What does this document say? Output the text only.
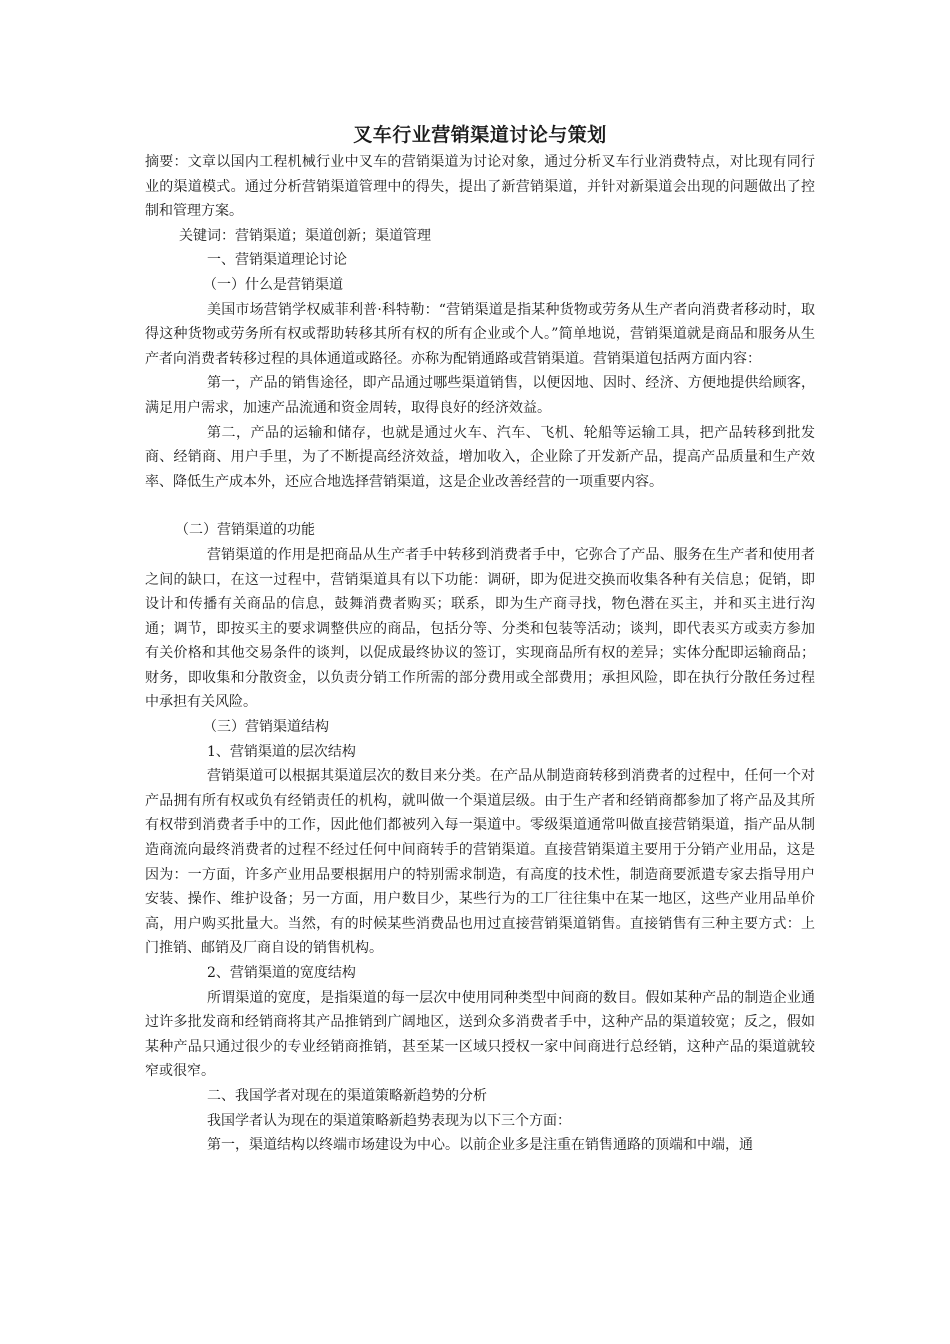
叉车行业营销渠道讨论与策划

摘要：文章以国内工程机械行业中叉车的营销渠道为讨论对象，通过分析叉车行业消费特点，对比现有同行业的渠道模式。通过分析营销渠道管理中的得失，提出了新营销渠道，并针对新渠道会出现的问题做出了控制和管理方案。

关键词：营销渠道；渠道创新；渠道管理

一、营销渠道理论讨论

（一）什么是营销渠道

美国市场营销学权威菲利普·科特勒：“营销渠道是指某种货物或劳务从生产者向消费者移动时，取得这种货物或劳务所有权或帮助转移其所有权的所有企业或个人。”简单地说，营销渠道就是商品和服务从生产者向消费者转移过程的具体通道或路径。亦称为配销通路或营销渠道。营销渠道包括两方面内容：

第一，产品的销售途径，即产品通过哪些渠道销售，以便因地、因时、经济、方便地提供给顾客，满足用户需求，加速产品流通和资金周转，取得良好的经济效益。

第二，产品的运输和储存，也就是通过火车、汽车、飞机、轮船等运输工具，把产品转移到批发商、经销商、用户手里，为了不断提高经济效益，增加收入，企业除了开发新产品，提高产品质量和生产效率、降低生产成本外，还应合地选择营销渠道，这是企业改善经营的一项重要内容。

（二）营销渠道的功能

营销渠道的作用是把商品从生产者手中转移到消费者手中，它弥合了产品、服务在生产者和使用者之间的缺口，在这一过程中，营销渠道具有以下功能：调研，即为促进交换而收集各种有关信息；促销，即设计和传播有关商品的信息，鼓舞消费者购买；联系，即为生产商寻找，物色潜在买主，并和买主进行沟通；调节，即按买主的要求调整供应的商品，包括分等、分类和包装等活动；谈判，即代表买方或卖方参加有关价格和其他交易条件的谈判，以促成最终协议的签订，实现商品所有权的差异；实体分配即运输商品；财务，即收集和分散资金，以负责分销工作所需的部分费用或全部费用；承担风险，即在执行分散任务过程中承担有关风险。

（三）营销渠道结构

1、营销渠道的层次结构

营销渠道可以根据其渠道层次的数目来分类。在产品从制造商转移到消费者的过程中，任何一个对产品拥有所有权或负有经销责任的机构，就叫做一个渠道层级。由于生产者和经销商都参加了将产品及其所有权带到消费者手中的工作，因此他们都被列入每一渠道中。零级渠道通常叫做直接营销渠道，指产品从制造商流向最终消费者的过程不经过任何中间商转手的营销渠道。直接营销渠道主要用于分销产业用品，这是因为：一方面，许多产业用品要根据用户的特别需求制造，有高度的技术性，制造商要派遣专家去指导用户安装、操作、维护设备；另一方面，用户数目少，某些行为的工厂往往集中在某一地区，这些产业用品单价高，用户购买批量大。当然，有的时候某些消费品也用过直接营销渠道销售。直接销售有三种主要方式：上门推销、邮销及厂商自设的销售机构。

2、营销渠道的宽度结构

所谓渠道的宽度，是指渠道的每一层次中使用同种类型中间商的数目。假如某种产品的制造企业通过许多批发商和经销商将其产品推销到广阔地区，送到众多消费者手中，这种产品的渠道较宽；反之，假如某种产品只通过很少的专业经销商推销，甚至某一区域只授权一家中间商进行总经销，这种产品的渠道就较窄或很窄。

二、我国学者对现在的渠道策略新趋势的分析

我国学者认为现在的渠道策略新趋势表现为以下三个方面：

第一，渠道结构以终端市场建设为中心。以前企业多是注重在销售通路的顶端和中端，通
